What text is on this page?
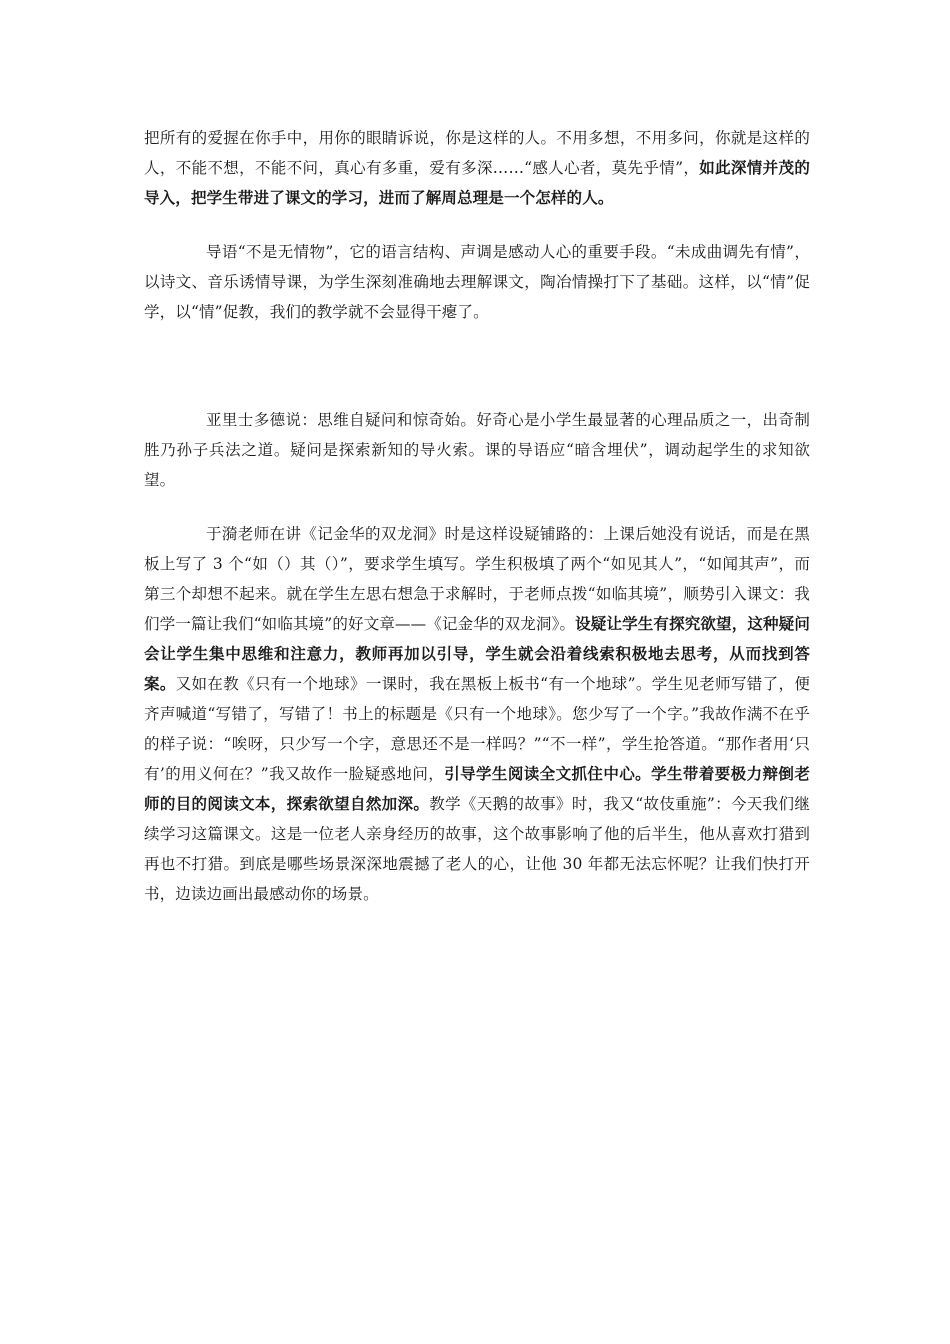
把所有的爱握在你手中，用你的眼睛诉说，你是这样的人。不用多想，不用多问，你就是这样的人，不能不想，不能不问，真心有多重，爱有多深……“感人心者，莫先乎情”，如此深情并茂的导入，把学生带进了课文的学习，进而了解周总理是一个怎样的人。

导语“不是无情物”，它的语言结构、声调是感动人心的重要手段。“未成曲调先有情”，以诗文、音乐诱情导课，为学生深刻准确地去理解课文，陶冶情操打下了基础。这样，以“情”促学，以“情”促教，我们的教学就不会显得干瘪了。

亚里士多德说：思维自疑问和惊奇始。好奇心是小学生最显著的心理品质之一，出奇制胜乃孙子兵法之道。疑问是探索新知的导火索。课的导语应“暗含埋伏”，调动起学生的求知欲望。

于漪老师在讲《记金华的双龙洞》时是这样设疑铺路的：上课后她没有说话，而是在黑板上写了 3 个“如（）其（）”，要求学生填写。学生积极填了两个“如见其人”，“如闻其声”，而第三个却想不起来。就在学生左思右想急于求解时，于老师点拨“如临其境”，顺势引入课文：我们学一篇让我们“如临其境”的好文章——《记金华的双龙洞》。设疑让学生有探究欲望，这种疑问会让学生集中思维和注意力，教师再加以引导，学生就会沿着线索积极地去思考，从而找到答案。又如在教《只有一个地球》一课时，我在黑板上板书“有一个地球”。学生见老师写错了，便齐声喊道“写错了，写错了！书上的标题是《只有一个地球》。您少写了一个字。”我故作满不在乎的样子说：“唉呀，只少写一个字，意思还不是一样吗？”“不一样”，学生抢答道。“那作者用‘只有’的用义何在？”我又故作一脸疑惑地问，引导学生阅读全文抓住中心。学生带着要极力辩倒老师的目的阅读文本，探索欲望自然加深。教学《天鹅的故事》时，我又“故伎重施”：今天我们继续学习这篇课文。这是一位老人亲身经历的故事，这个故事影响了他的后半生，他从喜欢打猎到再也不打猎。到底是哪些场景深深地震撼了老人的心，让他 30 年都无法忘怀呢？让我们快打开书，边读边画出最感动你的场景。
